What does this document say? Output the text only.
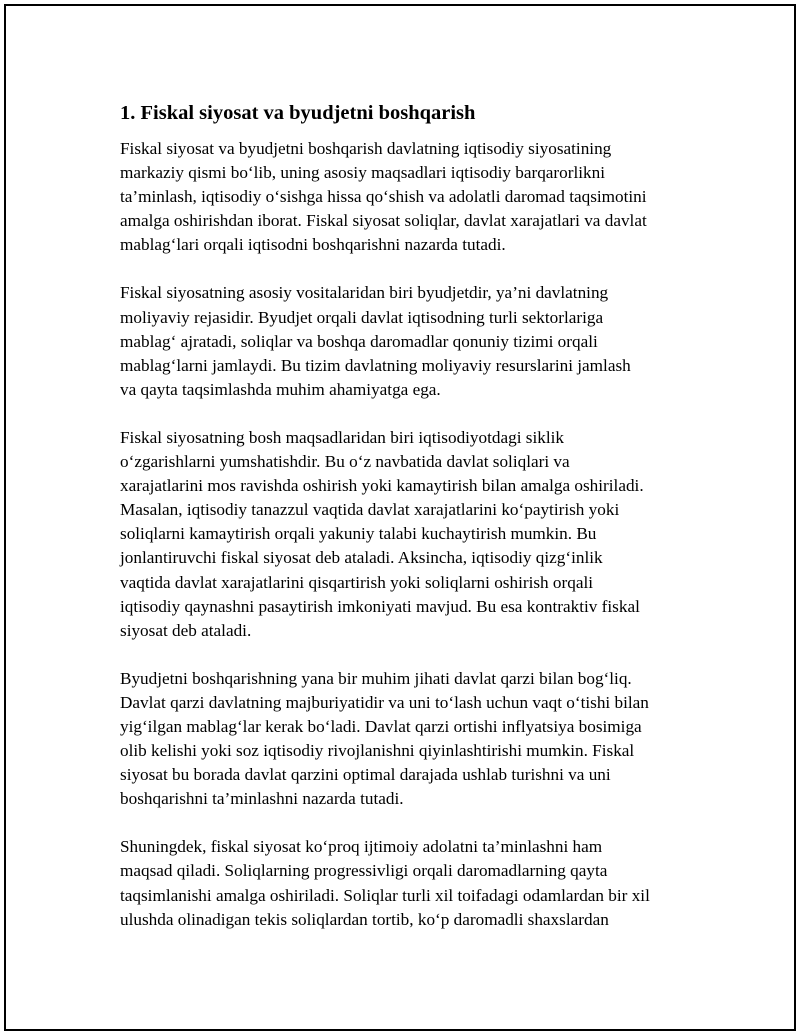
1. Fiskal siyosat va byudjetni boshqarish
Fiskal siyosat va byudjetni boshqarish davlatning iqtisodiy siyosatining
markaziy qismi bo‘lib, uning asosiy maqsadlari iqtisodiy barqarorlikni
ta’minlash, iqtisodiy o‘sishga hissa qo‘shish va adolatli daromad taqsimotini
amalga oshirishdan iborat. Fiskal siyosat soliqlar, davlat xarajatlari va davlat
mablag‘lari orqali iqtisodni boshqarishni nazarda tutadi.
Fiskal siyosatning asosiy vositalaridan biri byudjetdir, ya’ni davlatning
moliyaviy rejasidir. Byudjet orqali davlat iqtisodning turli sektorlariga
mablag‘ ajratadi, soliqlar va boshqa daromadlar qonuniy tizimi orqali
mablag‘larni jamlaydi. Bu tizim davlatning moliyaviy resurslarini jamlash
va qayta taqsimlashda muhim ahamiyatga ega.
Fiskal siyosatning bosh maqsadlaridan biri iqtisodiyotdagi siklik
o‘zgarishlarni yumshatishdir. Bu o‘z navbatida davlat soliqlari va
xarajatlarini mos ravishda oshirish yoki kamaytirish bilan amalga oshiriladi.
Masalan, iqtisodiy tanazzul vaqtida davlat xarajatlarini ko‘paytirish yoki
soliqlarni kamaytirish orqali yakuniy talabi kuchaytirish mumkin. Bu
jonlantiruvchi fiskal siyosat deb ataladi. Aksincha, iqtisodiy qizg‘inlik
vaqtida davlat xarajatlarini qisqartirish yoki soliqlarni oshirish orqali
iqtisodiy qaynashni pasaytirish imkoniyati mavjud. Bu esa kontraktiv fiskal
siyosat deb ataladi.
Byudjetni boshqarishning yana bir muhim jihati davlat qarzi bilan bog‘liq.
Davlat qarzi davlatning majburiyatidir va uni to‘lash uchun vaqt o‘tishi bilan
yig‘ilgan mablag‘lar kerak bo‘ladi. Davlat qarzi ortishi inflyatsiya bosimiga
olib kelishi yoki soz iqtisodiy rivojlanishni qiyinlashtirishi mumkin. Fiskal
siyosat bu borada davlat qarzini optimal darajada ushlab turishni va uni
boshqarishni ta’minlashni nazarda tutadi.
Shuningdek, fiskal siyosat ko‘proq ijtimoiy adolatni ta’minlashni ham
maqsad qiladi. Soliqlarning progressivligi orqali daromadlarning qayta
taqsimlanishi amalga oshiriladi. Soliqlar turli xil toifadagi odamlardan bir xil
ulushda olinadigan tekis soliqlardan tortib, ko‘p daromadli shaxslardan
